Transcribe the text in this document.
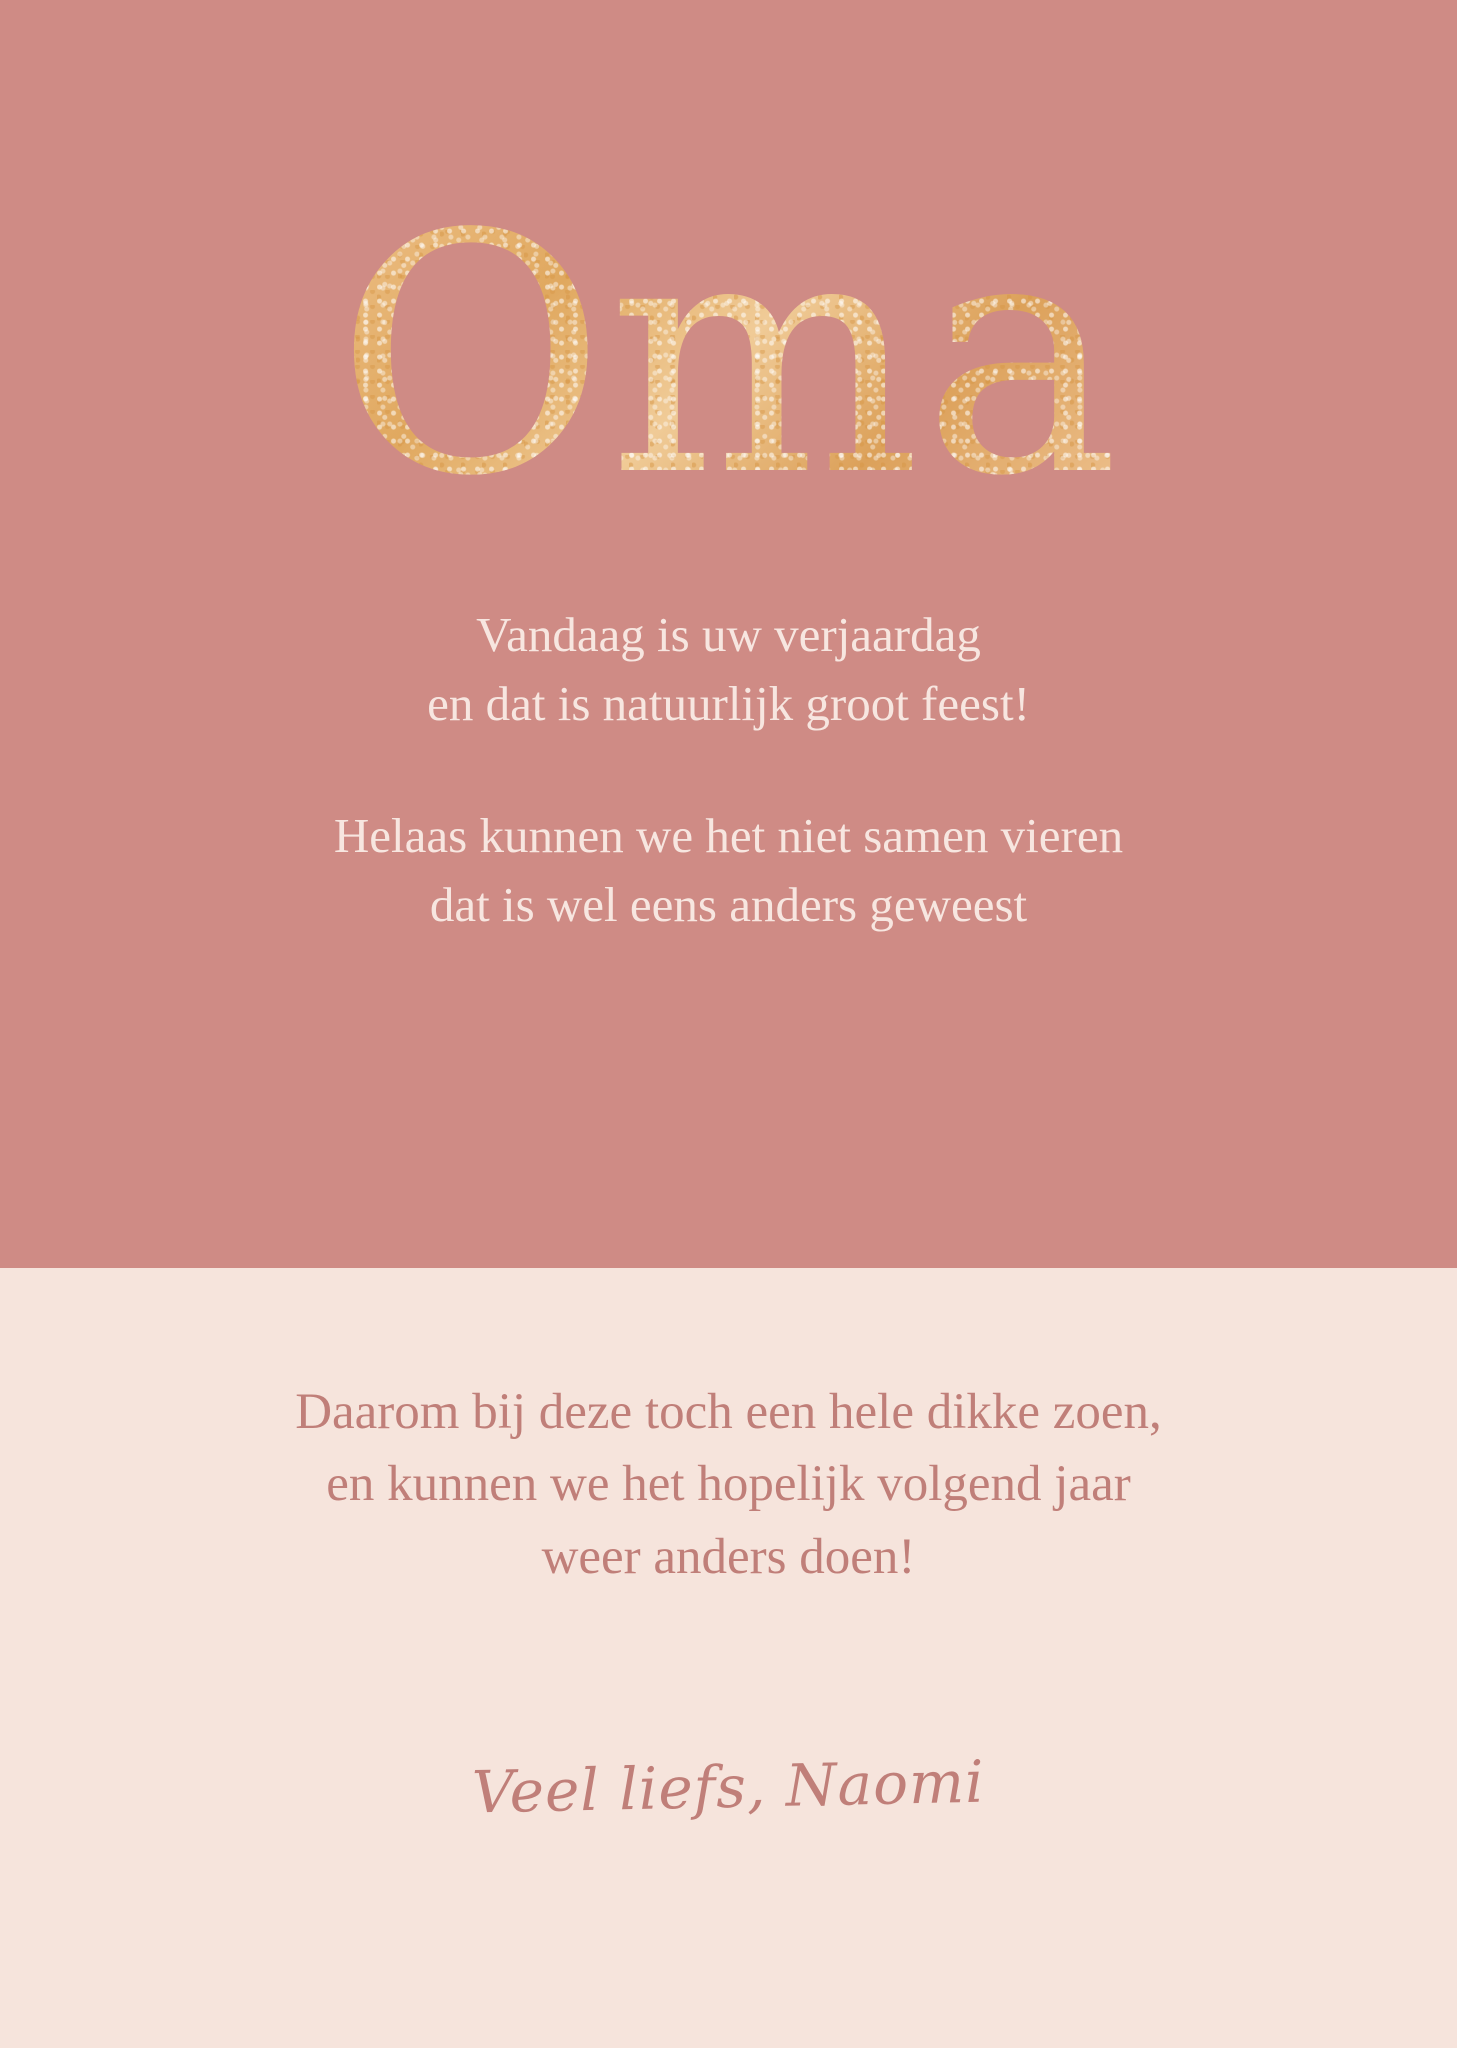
Oma
Vandaag is uw verjaardag
en dat is natuurlijk groot feest!
Helaas kunnen we het niet samen vieren
dat is wel eens anders geweest
Daarom bij deze toch een hele dikke zoen,
en kunnen we het hopelijk volgend jaar
weer anders doen!
Veel liefs, Naomi
